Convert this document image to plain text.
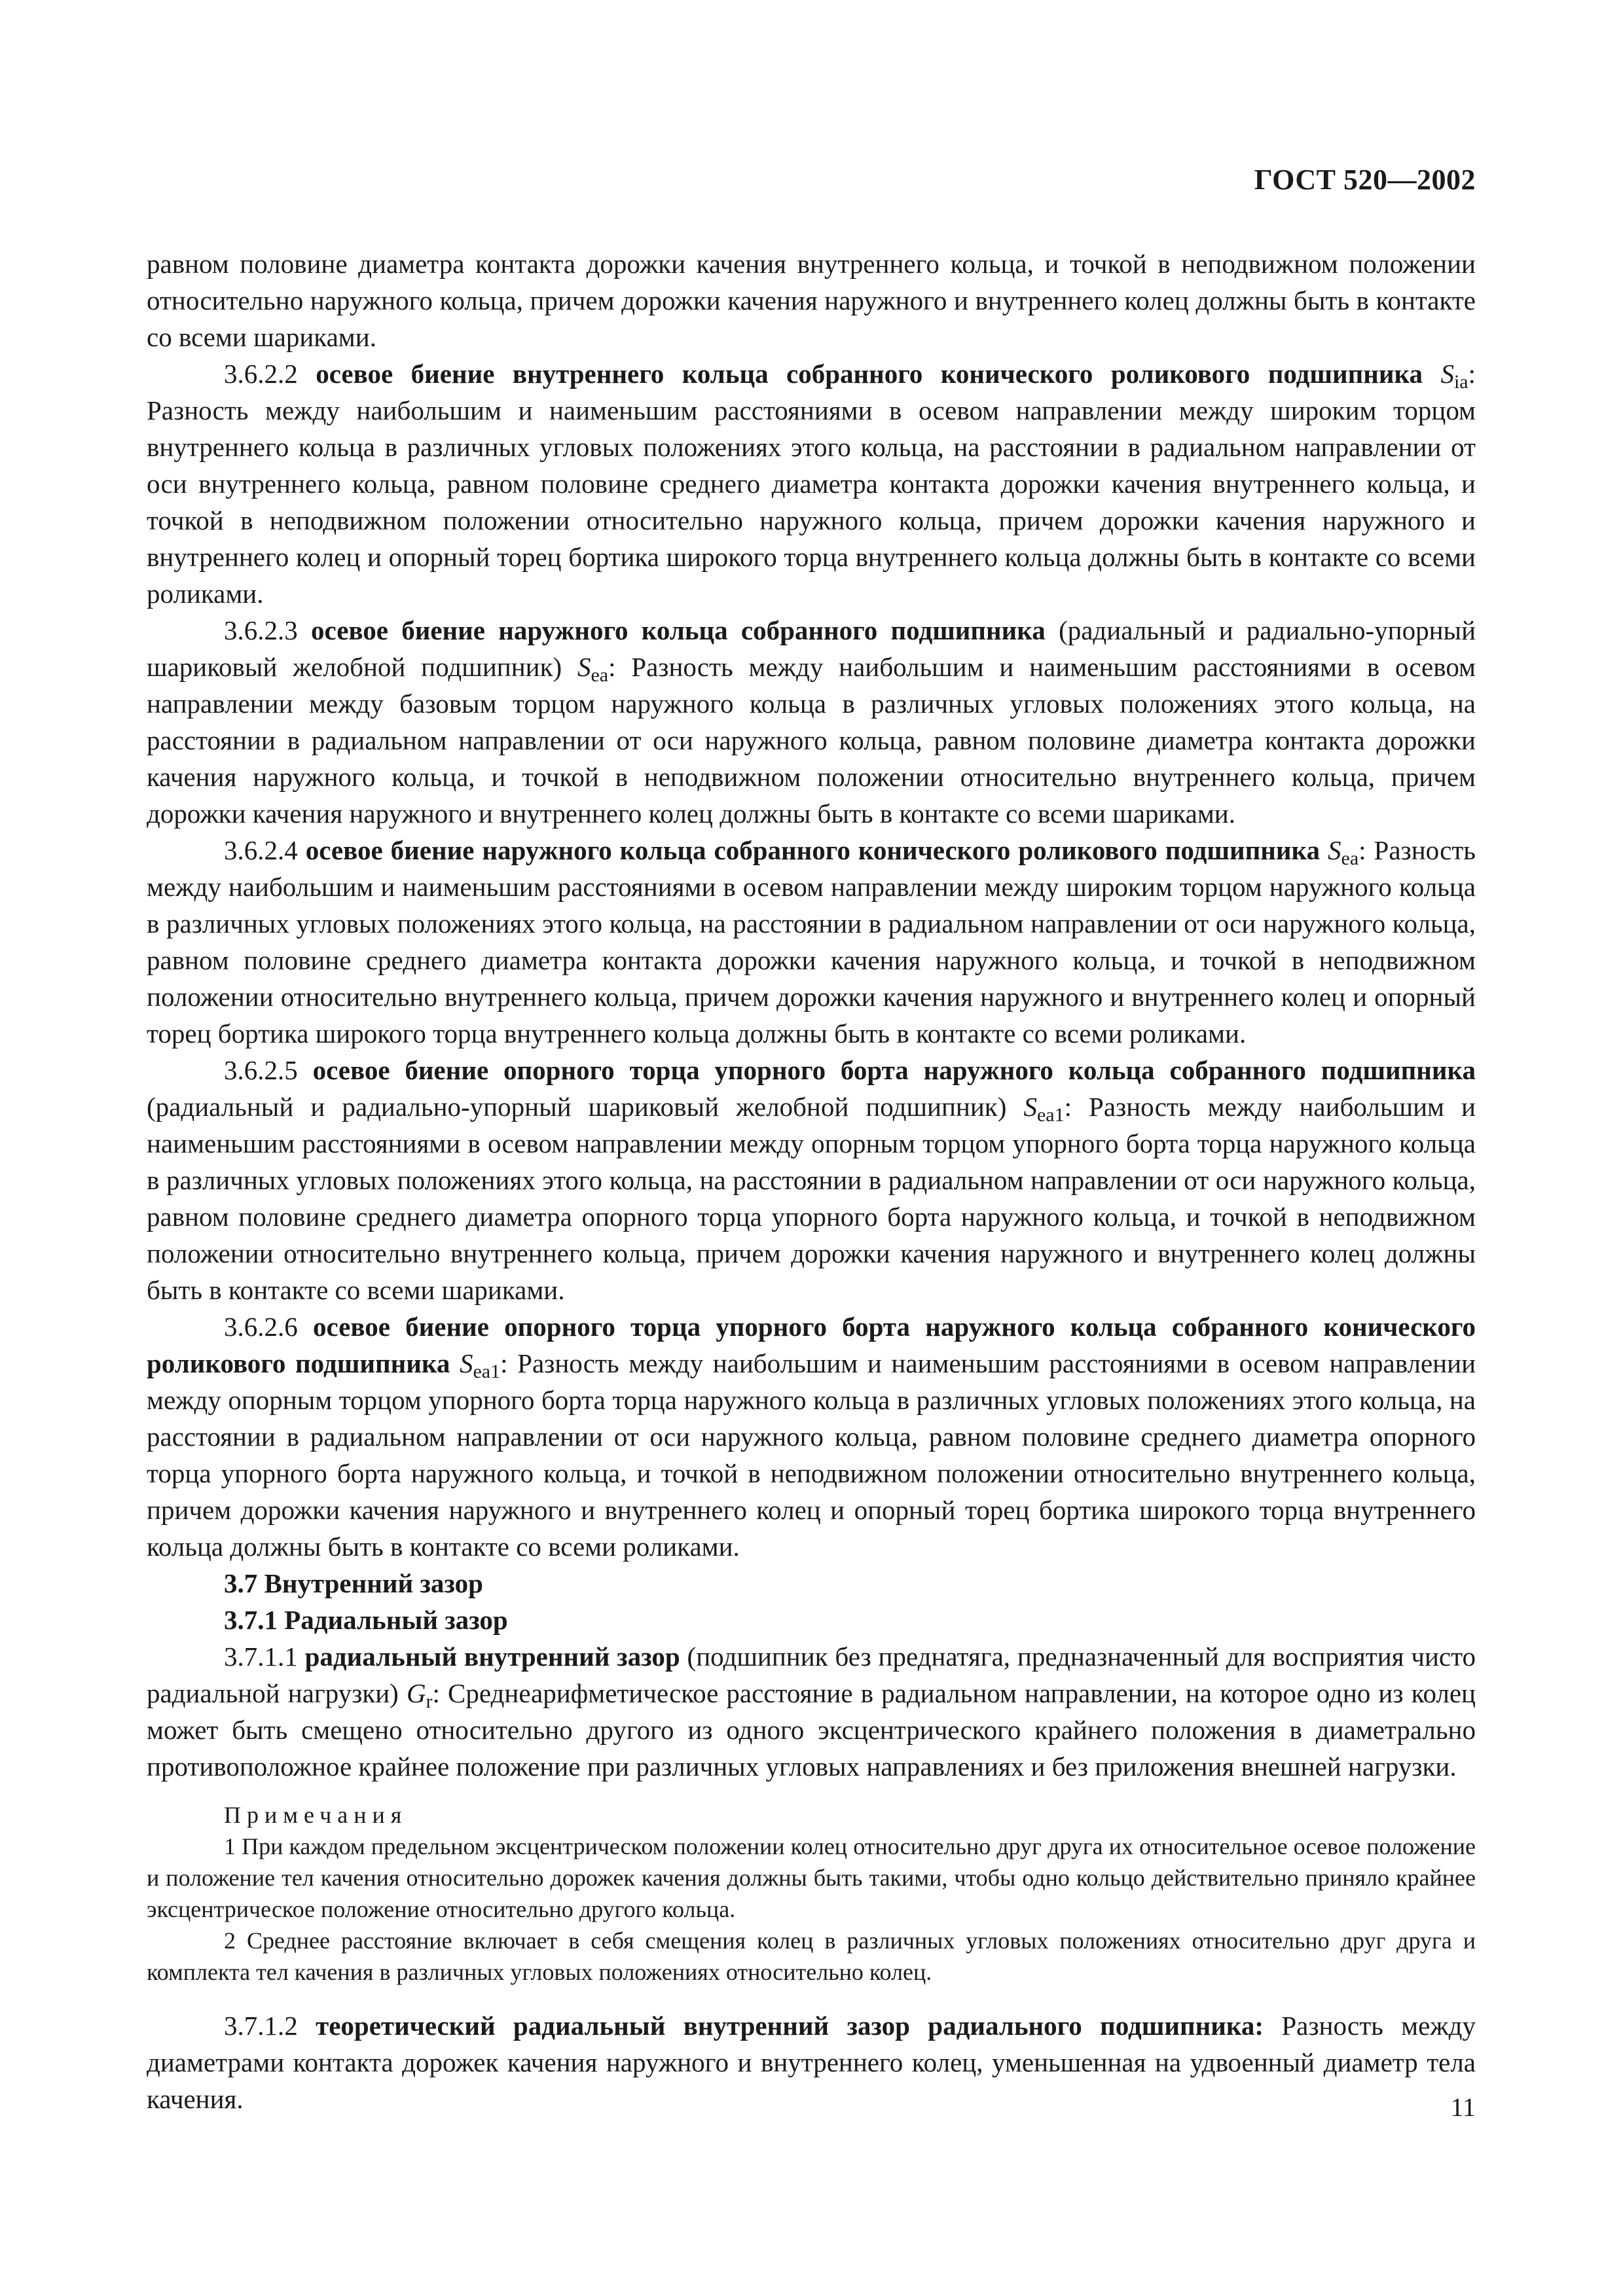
ГОСТ 520—2002

равном половине диаметра контакта дорожки качения внутреннего кольца, и точкой в неподвижном положении относительно наружного кольца, причем дорожки качения наружного и внутреннего колец должны быть в контакте со всеми шариками.

3.6.2.2 осевое биение внутреннего кольца собранного конического роликового подшипника $S_{ia}$: Разность между наибольшим и наименьшим расстояниями в осевом направлении между широким торцом внутреннего кольца в различных угловых положениях этого кольца, на расстоянии в радиальном направлении от оси внутреннего кольца, равном половине среднего диаметра контакта дорожки качения внутреннего кольца, и точкой в неподвижном положении относительно наружного кольца, причем дорожки качения наружного и внутреннего колец и опорный торец бортика широкого торца внутреннего кольца должны быть в контакте со всеми роликами.

3.6.2.3 осевое биение наружного кольца собранного подшипника (радиальный и радиально-упорный шариковый желобной подшипник) $S_{ea}$: Разность между наибольшим и наименьшим расстояниями в осевом направлении между базовым торцом наружного кольца в различных угловых положениях этого кольца, на расстоянии в радиальном направлении от оси наружного кольца, равном половине диаметра контакта дорожки качения наружного кольца, и точкой в неподвижном положении относительно внутреннего кольца, причем дорожки качения наружного и внутреннего колец должны быть в контакте со всеми шариками.

3.6.2.4 осевое биение наружного кольца собранного конического роликового подшипника $S_{ea}$: Разность между наибольшим и наименьшим расстояниями в осевом направлении между широким торцом наружного кольца в различных угловых положениях этого кольца, на расстоянии в радиальном направлении от оси наружного кольца, равном половине среднего диаметра контакта дорожки качения наружного кольца, и точкой в неподвижном положении относительно внутреннего кольца, причем дорожки качения наружного и внутреннего колец и опорный торец бортика широкого торца внутреннего кольца должны быть в контакте со всеми роликами.

3.6.2.5 осевое биение опорного торца упорного борта наружного кольца собранного подшипника (радиальный и радиально-упорный шариковый желобной подшипник) $S_{ea1}$: Разность между наибольшим и наименьшим расстояниями в осевом направлении между опорным торцом упорного борта торца наружного кольца в различных угловых положениях этого кольца, на расстоянии в радиальном направлении от оси наружного кольца, равном половине среднего диаметра опорного торца упорного борта наружного кольца, и точкой в неподвижном положении относительно внутреннего кольца, причем дорожки качения наружного и внутреннего колец должны быть в контакте со всеми шариками.

3.6.2.6 осевое биение опорного торца упорного борта наружного кольца собранного конического роликового подшипника $S_{ea1}$: Разность между наибольшим и наименьшим расстояниями в осевом направлении между опорным торцом упорного борта торца наружного кольца в различных угловых положениях этого кольца, на расстоянии в радиальном направлении от оси наружного кольца, равном половине среднего диаметра опорного торца упорного борта наружного кольца, и точкой в неподвижном положении относительно внутреннего кольца, причем дорожки качения наружного и внутреннего колец и опорный торец бортика широкого торца внутреннего кольца должны быть в контакте со всеми роликами.

3.7 Внутренний зазор

3.7.1 Радиальный зазор

3.7.1.1 радиальный внутренний зазор (подшипник без преднатяга, предназначенный для восприятия чисто радиальной нагрузки) $G_r$: Среднеарифметическое расстояние в радиальном направлении, на которое одно из колец может быть смещено относительно другого из одного эксцентрического крайнего положения в диаметрально противоположное крайнее положение при различных угловых направлениях и без приложения внешней нагрузки.

Примечания

1 При каждом предельном эксцентрическом положении колец относительно друг друга их относительное осевое положение и положение тел качения относительно дорожек качения должны быть такими, чтобы одно кольцо действительно приняло крайнее эксцентрическое положение относительно другого кольца.

2 Среднее расстояние включает в себя смещения колец в различных угловых положениях относительно друг друга и комплекта тел качения в различных угловых положениях относительно колец.

3.7.1.2 теоретический радиальный внутренний зазор радиального подшипника: Разность между диаметрами контакта дорожек качения наружного и внутреннего колец, уменьшенная на удвоенный диаметр тела качения.	11
